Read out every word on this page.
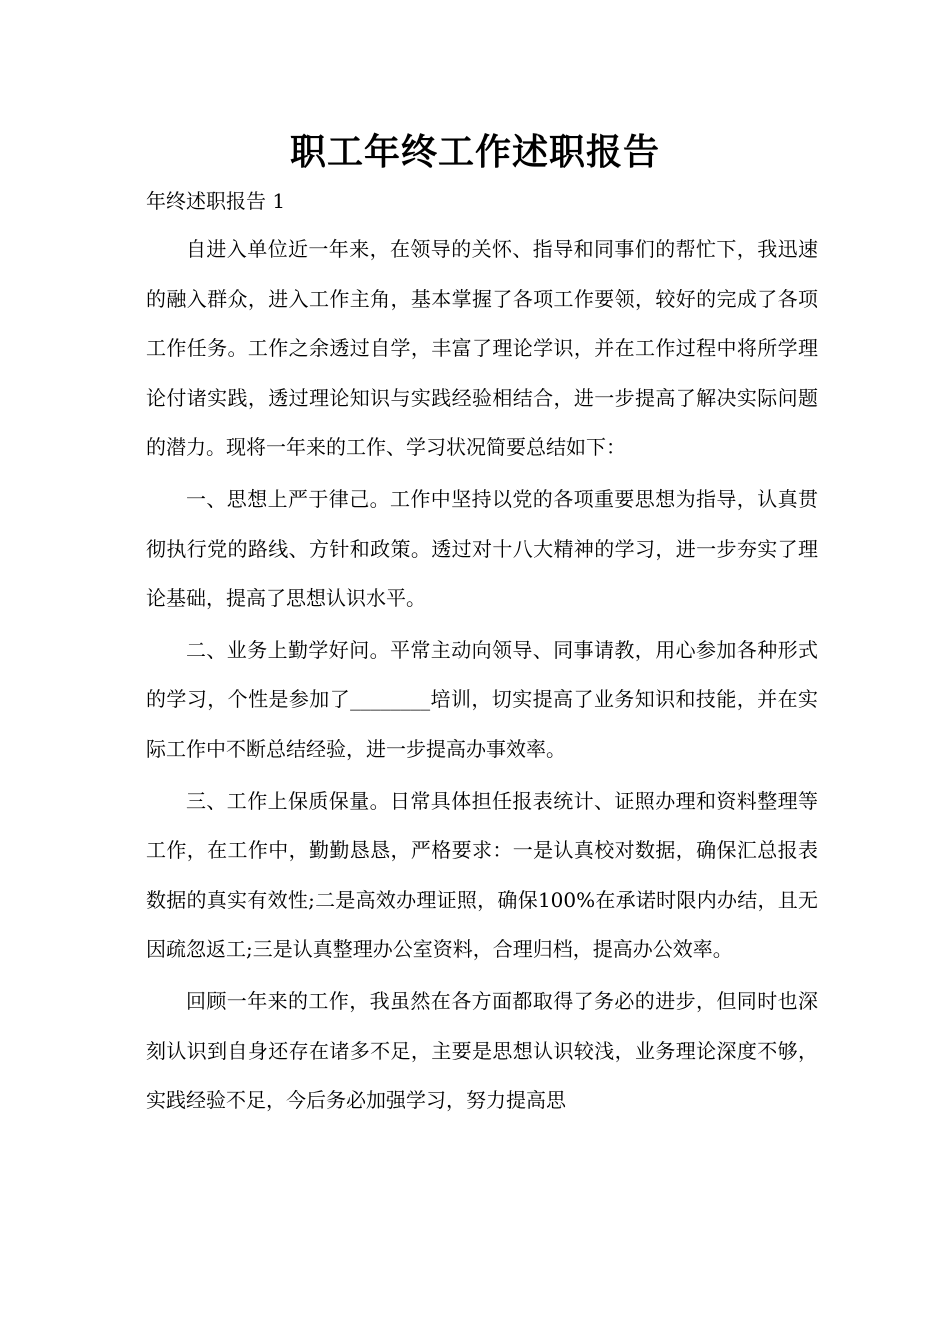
职工年终工作述职报告
年终述职报告 1

自进入单位近一年来，在领导的关怀、指导和同事们的帮忙下，我迅速的融入群众，进入工作主角，基本掌握了各项工作要领，较好的完成了各项工作任务。工作之余透过自学，丰富了理论学识，并在工作过程中将所学理论付诸实践，透过理论知识与实践经验相结合，进一步提高了解决实际问题的潜力。现将一年来的工作、学习状况简要总结如下：

一、思想上严于律己。工作中坚持以党的各项重要思想为指导，认真贯彻执行党的路线、方针和政策。透过对十八大精神的学习，进一步夯实了理论基础，提高了思想认识水平。

二、业务上勤学好问。平常主动向领导、同事请教，用心参加各种形式的学习，个性是参加了________培训，切实提高了业务知识和技能，并在实际工作中不断总结经验，进一步提高办事效率。

三、工作上保质保量。日常具体担任报表统计、证照办理和资料整理等工作，在工作中，勤勤恳恳，严格要求：一是认真校对数据，确保汇总报表数据的真实有效性;二是高效办理证照，确保100%在承诺时限内办结，且无因疏忽返工;三是认真整理办公室资料，合理归档，提高办公效率。

回顾一年来的工作，我虽然在各方面都取得了务必的进步，但同时也深刻认识到自身还存在诸多不足，主要是思想认识较浅，业务理论深度不够，实践经验不足，今后务必加强学习，努力提高思
